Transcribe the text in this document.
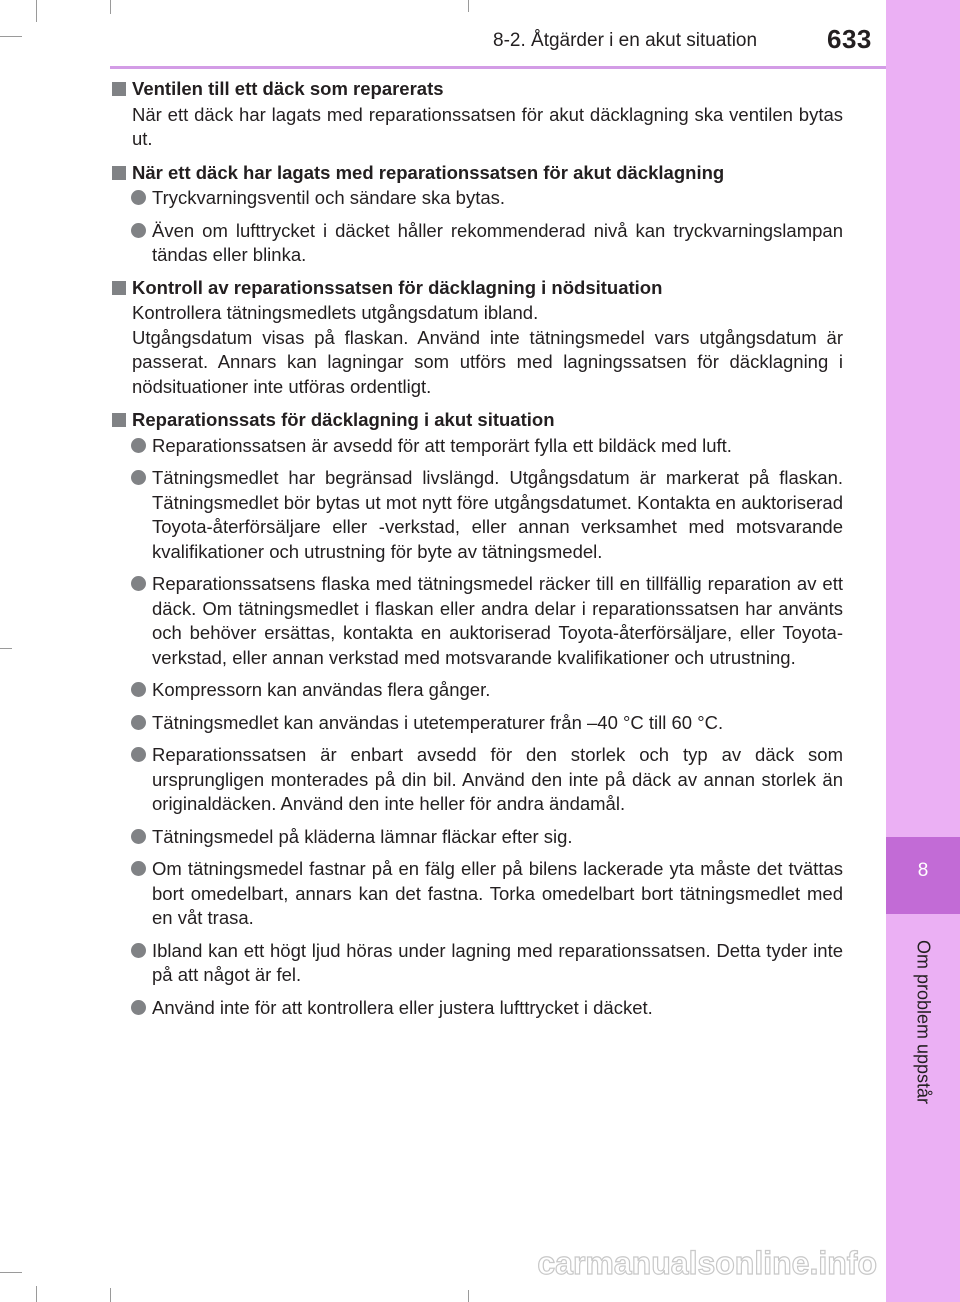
8
Om problem uppstår
8-2. Åtgärder i en akut situation	633
Ventilen till ett däck som reparerats
När ett däck har lagats med reparationssatsen för akut däcklagning ska ventilen bytas ut.
När ett däck har lagats med reparationssatsen för akut däcklagning
Tryckvarningsventil och sändare ska bytas.
Även om lufttrycket i däcket håller rekommenderad nivå kan tryckvarningslampan tändas eller blinka.
Kontroll av reparationssatsen för däcklagning i nödsituation
Kontrollera tätningsmedlets utgångsdatum ibland.
Utgångsdatum visas på flaskan. Använd inte tätningsmedel vars utgångsdatum är passerat. Annars kan lagningar som utförs med lagningssatsen för däcklagning i nödsituationer inte utföras ordentligt.
Reparationssats för däcklagning i akut situation
Reparationssatsen är avsedd för att temporärt fylla ett bildäck med luft.
Tätningsmedlet har begränsad livslängd. Utgångsdatum är markerat på flaskan. Tätningsmedlet bör bytas ut mot nytt före utgångsdatumet. Kontakta en auktoriserad Toyota-återförsäljare eller -verkstad, eller annan verksamhet med motsvarande kvalifikationer och utrustning för byte av tätningsmedel.
Reparationssatsens flaska med tätningsmedel räcker till en tillfällig reparation av ett däck. Om tätningsmedlet i flaskan eller andra delar i reparationssatsen har använts och behöver ersättas, kontakta en auktoriserad Toyota-återförsäljare, eller Toyota-verkstad, eller annan verkstad med motsvarande kvalifikationer och utrustning.
Kompressorn kan användas flera gånger.
Tätningsmedlet kan användas i utetemperaturer från –40 °C till 60 °C.
Reparationssatsen är enbart avsedd för den storlek och typ av däck som ursprungligen monterades på din bil. Använd den inte på däck av annan storlek än originaldäcken. Använd den inte heller för andra ändamål.
Tätningsmedel på kläderna lämnar fläckar efter sig.
Om tätningsmedel fastnar på en fälg eller på bilens lackerade yta måste det tvättas bort omedelbart, annars kan det fastna. Torka omedelbart bort tätningsmedlet med en våt trasa.
Ibland kan ett högt ljud höras under lagning med reparationssatsen. Detta tyder inte på att något är fel.
Använd inte för att kontrollera eller justera lufttrycket i däcket.
carmanualsonline.info
